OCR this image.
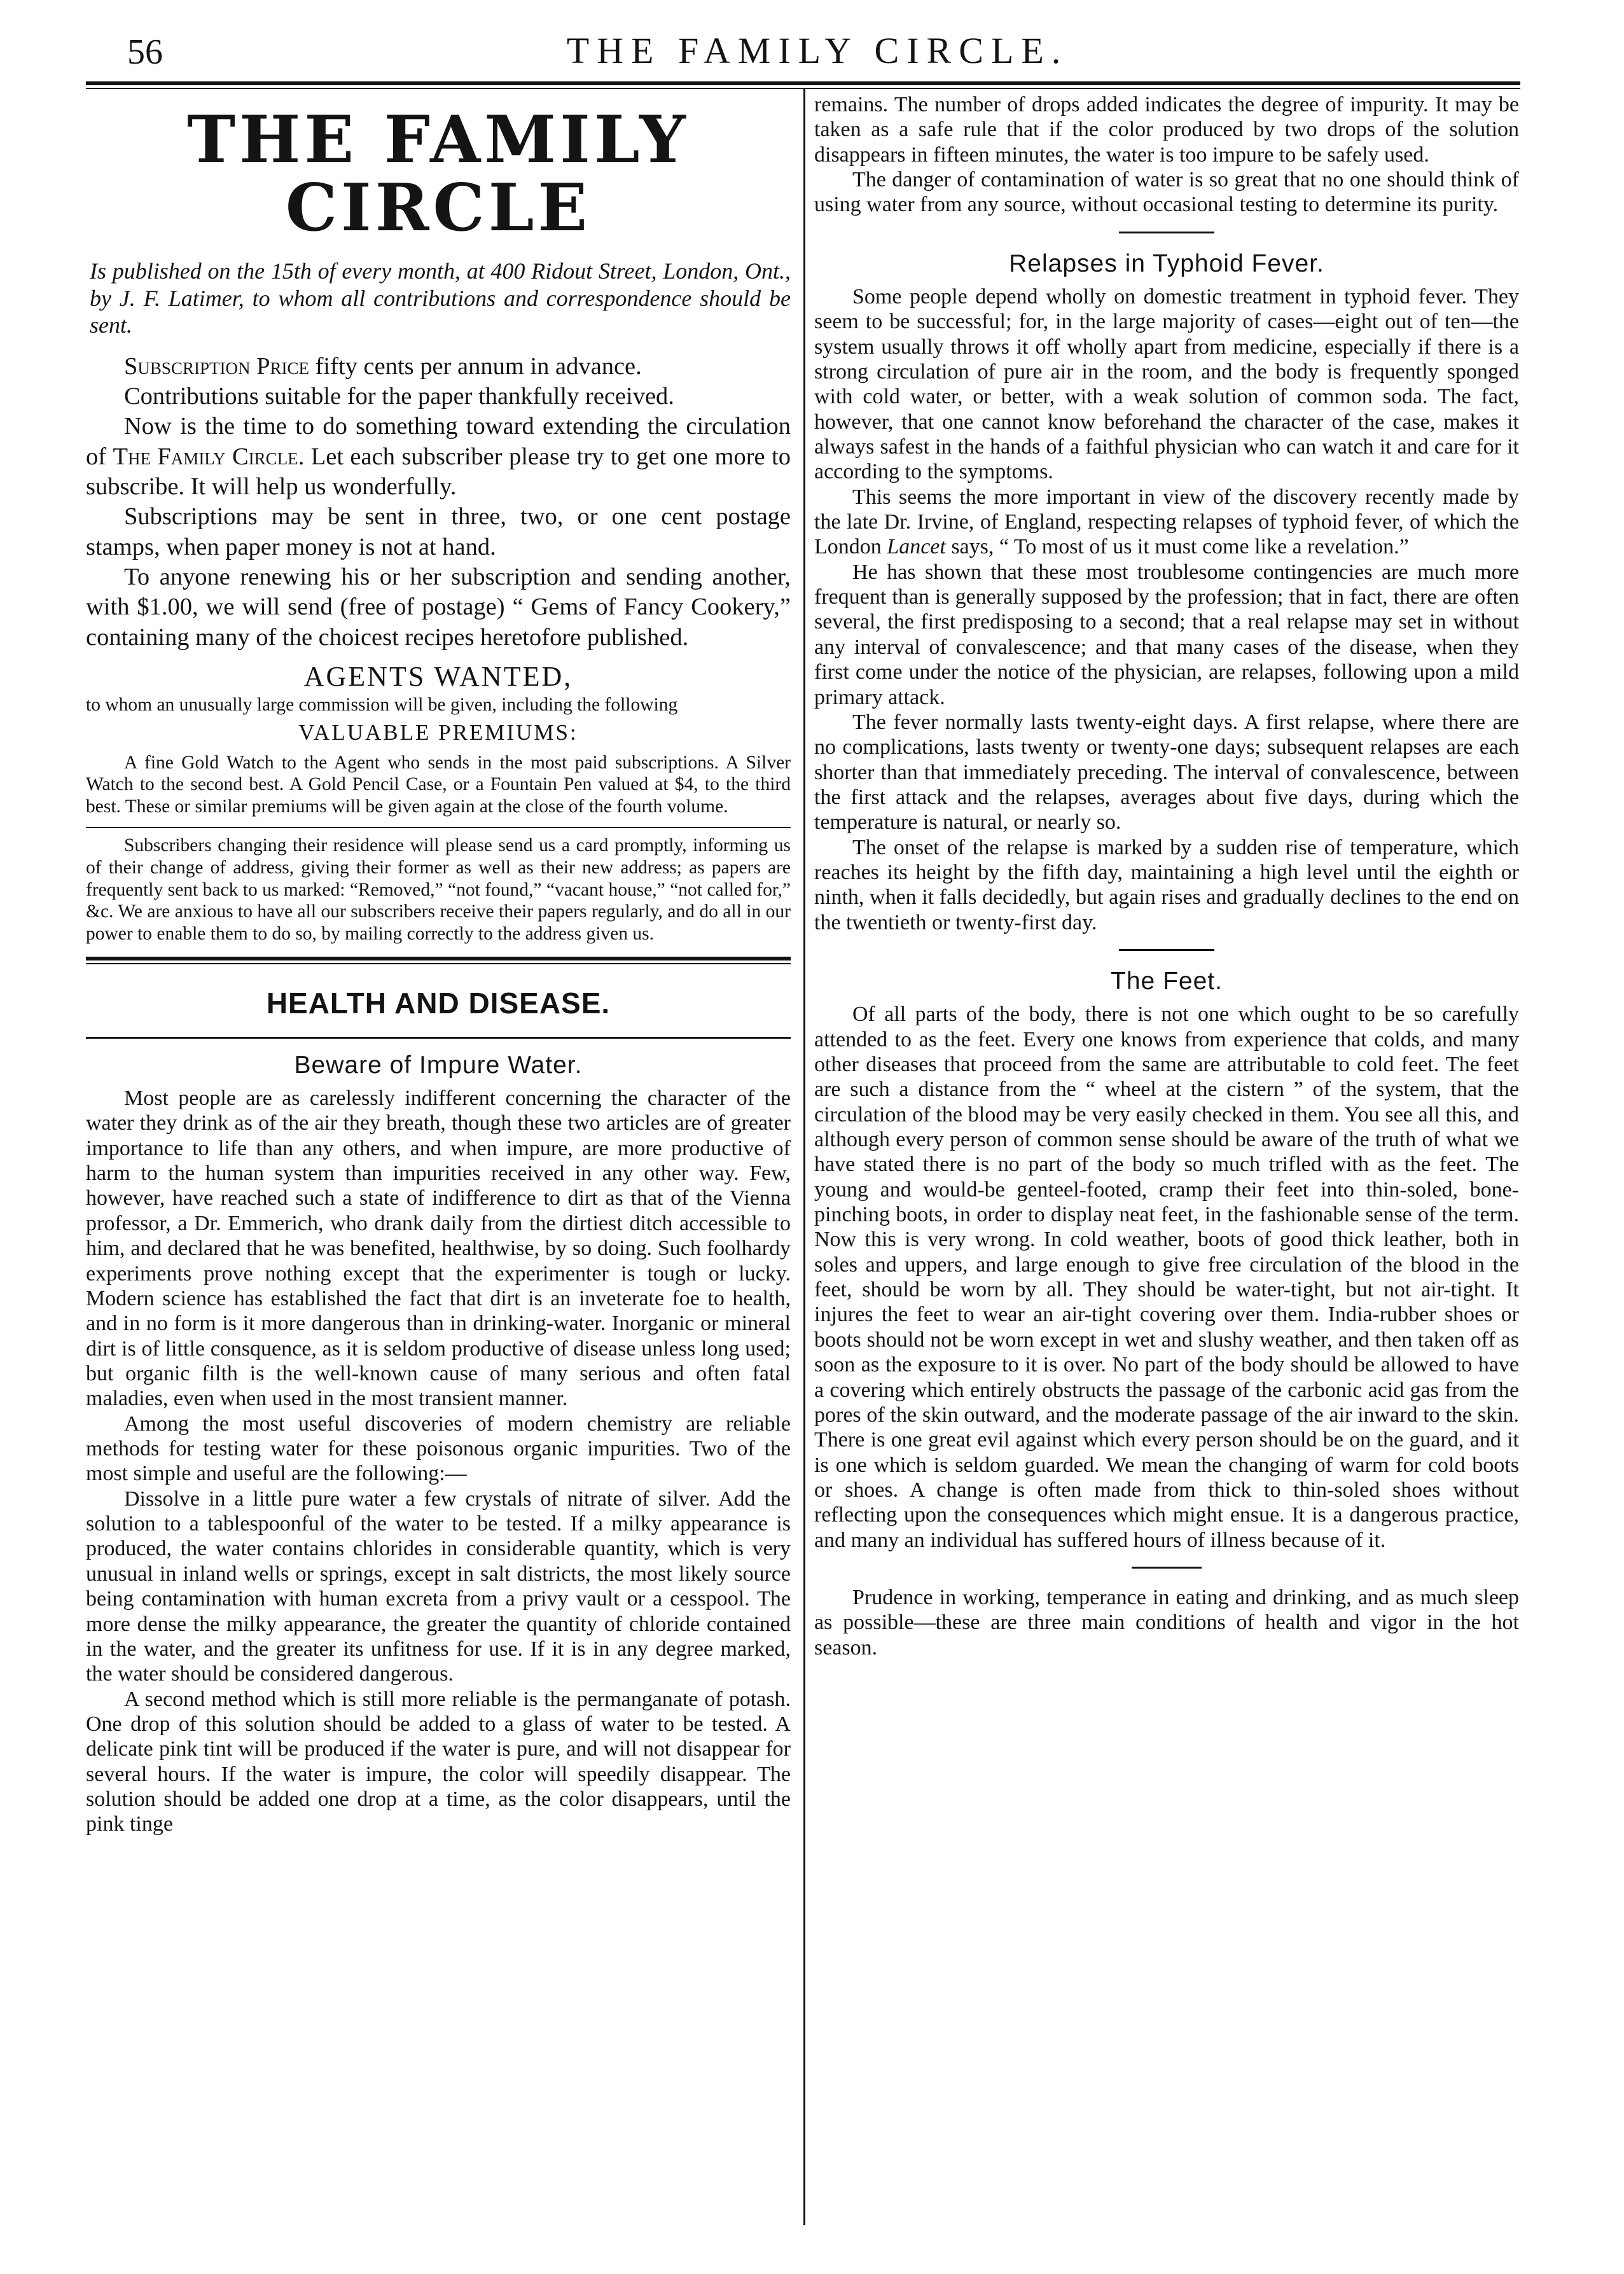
56	THE FAMILY CIRCLE.
THE FAMILY CIRCLE

Is published on the 15th of every month, at 400 Ridout Street, London, Ont., by J. F. Latimer, to whom all contributions and correspondence should be sent.

Subscription Price fifty cents per annum in advance.

Contributions suitable for the paper thankfully received.

Now is the time to do something toward extending the circulation of The Family Circle. Let each subscriber please try to get one more to subscribe. It will help us wonderfully.

Subscriptions may be sent in three, two, or one cent postage stamps, when paper money is not at hand.

To anyone renewing his or her subscription and sending another, with $1.00, we will send (free of postage) “ Gems of Fancy Cookery,” containing many of the choicest recipes heretofore published.

AGENTS WANTED,

to whom an unusually large commission will be given, including the following

VALUABLE PREMIUMS:

A fine Gold Watch to the Agent who sends in the most paid subscriptions. A Silver Watch to the second best. A Gold Pencil Case, or a Fountain Pen valued at $4, to the third best. These or similar premiums will be given again at the close of the fourth volume.

Subscribers changing their residence will please send us a card promptly, informing us of their change of address, giving their former as well as their new address; as papers are frequently sent back to us marked: “Removed,” “not found,” “vacant house,” “not called for,” &c. We are anxious to have all our subscribers receive their papers regularly, and do all in our power to enable them to do so, by mailing correctly to the address given us.

HEALTH AND DISEASE.
Beware of Impure Water.

Most people are as carelessly indifferent concerning the character of the water they drink as of the air they breath, though these two articles are of greater importance to life than any others, and when impure, are more productive of harm to the human system than impurities received in any other way. Few, however, have reached such a state of indifference to dirt as that of the Vienna professor, a Dr. Emmerich, who drank daily from the dirtiest ditch accessible to him, and declared that he was benefited, healthwise, by so doing. Such foolhardy experiments prove nothing except that the experimenter is tough or lucky. Modern science has established the fact that dirt is an inveterate foe to health, and in no form is it more dangerous than in drinking-water. Inorganic or mineral dirt is of little consquence, as it is seldom productive of disease unless long used; but organic filth is the well-known cause of many serious and often fatal maladies, even when used in the most transient manner.

Among the most useful discoveries of modern chemistry are reliable methods for testing water for these poisonous organic impurities. Two of the most simple and useful are the following:—

Dissolve in a little pure water a few crystals of nitrate of silver. Add the solution to a tablespoonful of the water to be tested. If a milky appearance is produced, the water contains chlorides in considerable quantity, which is very unusual in inland wells or springs, except in salt districts, the most likely source being contamination with human excreta from a privy vault or a cesspool. The more dense the milky appearance, the greater the quantity of chloride contained in the water, and the greater its unfitness for use. If it is in any degree marked, the water should be considered dangerous.

A second method which is still more reliable is the permanganate of potash. One drop of this solution should be added to a glass of water to be tested. A delicate pink tint will be produced if the water is pure, and will not disappear for several hours. If the water is impure, the color will speedily disappear. The solution should be added one drop at a time, as the color disappears, until the pink tinge

remains. The number of drops added indicates the degree of impurity. It may be taken as a safe rule that if the color produced by two drops of the solution disappears in fifteen minutes, the water is too impure to be safely used.

The danger of contamination of water is so great that no one should think of using water from any source, without occasional testing to determine its purity.

Relapses in Typhoid Fever.

Some people depend wholly on domestic treatment in typhoid fever. They seem to be successful; for, in the large majority of cases—eight out of ten—the system usually throws it off wholly apart from medicine, especially if there is a strong circulation of pure air in the room, and the body is frequently sponged with cold water, or better, with a weak solution of common soda. The fact, however, that one cannot know beforehand the character of the case, makes it always safest in the hands of a faithful physician who can watch it and care for it according to the symptoms.

This seems the more important in view of the discovery recently made by the late Dr. Irvine, of England, respecting relapses of typhoid fever, of which the London Lancet says, “ To most of us it must come like a revelation.”

He has shown that these most troublesome contingencies are much more frequent than is generally supposed by the profession; that in fact, there are often several, the first predisposing to a second; that a real relapse may set in without any interval of convalescence; and that many cases of the disease, when they first come under the notice of the physician, are relapses, following upon a mild primary attack.

The fever normally lasts twenty-eight days. A first relapse, where there are no complications, lasts twenty or twenty-one days; subsequent relapses are each shorter than that immediately preceding. The interval of convalescence, between the first attack and the relapses, averages about five days, during which the temperature is natural, or nearly so.

The onset of the relapse is marked by a sudden rise of temperature, which reaches its height by the fifth day, maintaining a high level until the eighth or ninth, when it falls decidedly, but again rises and gradually declines to the end on the twentieth or twenty-first day.

The Feet.

Of all parts of the body, there is not one which ought to be so carefully attended to as the feet. Every one knows from experience that colds, and many other diseases that proceed from the same are attributable to cold feet. The feet are such a distance from the “ wheel at the cistern ” of the system, that the circulation of the blood may be very easily checked in them. You see all this, and although every person of common sense should be aware of the truth of what we have stated there is no part of the body so much trifled with as the feet. The young and would-be genteel-footed, cramp their feet into thin-soled, bone-pinching boots, in order to display neat feet, in the fashionable sense of the term. Now this is very wrong. In cold weather, boots of good thick leather, both in soles and uppers, and large enough to give free circulation of the blood in the feet, should be worn by all. They should be water-tight, but not air-tight. It injures the feet to wear an air-tight covering over them. India-rubber shoes or boots should not be worn except in wet and slushy weather, and then taken off as soon as the exposure to it is over. No part of the body should be allowed to have a covering which entirely obstructs the passage of the carbonic acid gas from the pores of the skin outward, and the moderate passage of the air inward to the skin. There is one great evil against which every person should be on the guard, and it is one which is seldom guarded. We mean the changing of warm for cold boots or shoes. A change is often made from thick to thin-soled shoes without reflecting upon the consequences which might ensue. It is a dangerous practice, and many an individual has suffered hours of illness because of it.

Prudence in working, temperance in eating and drinking, and as much sleep as possible—these are three main conditions of health and vigor in the hot season.
